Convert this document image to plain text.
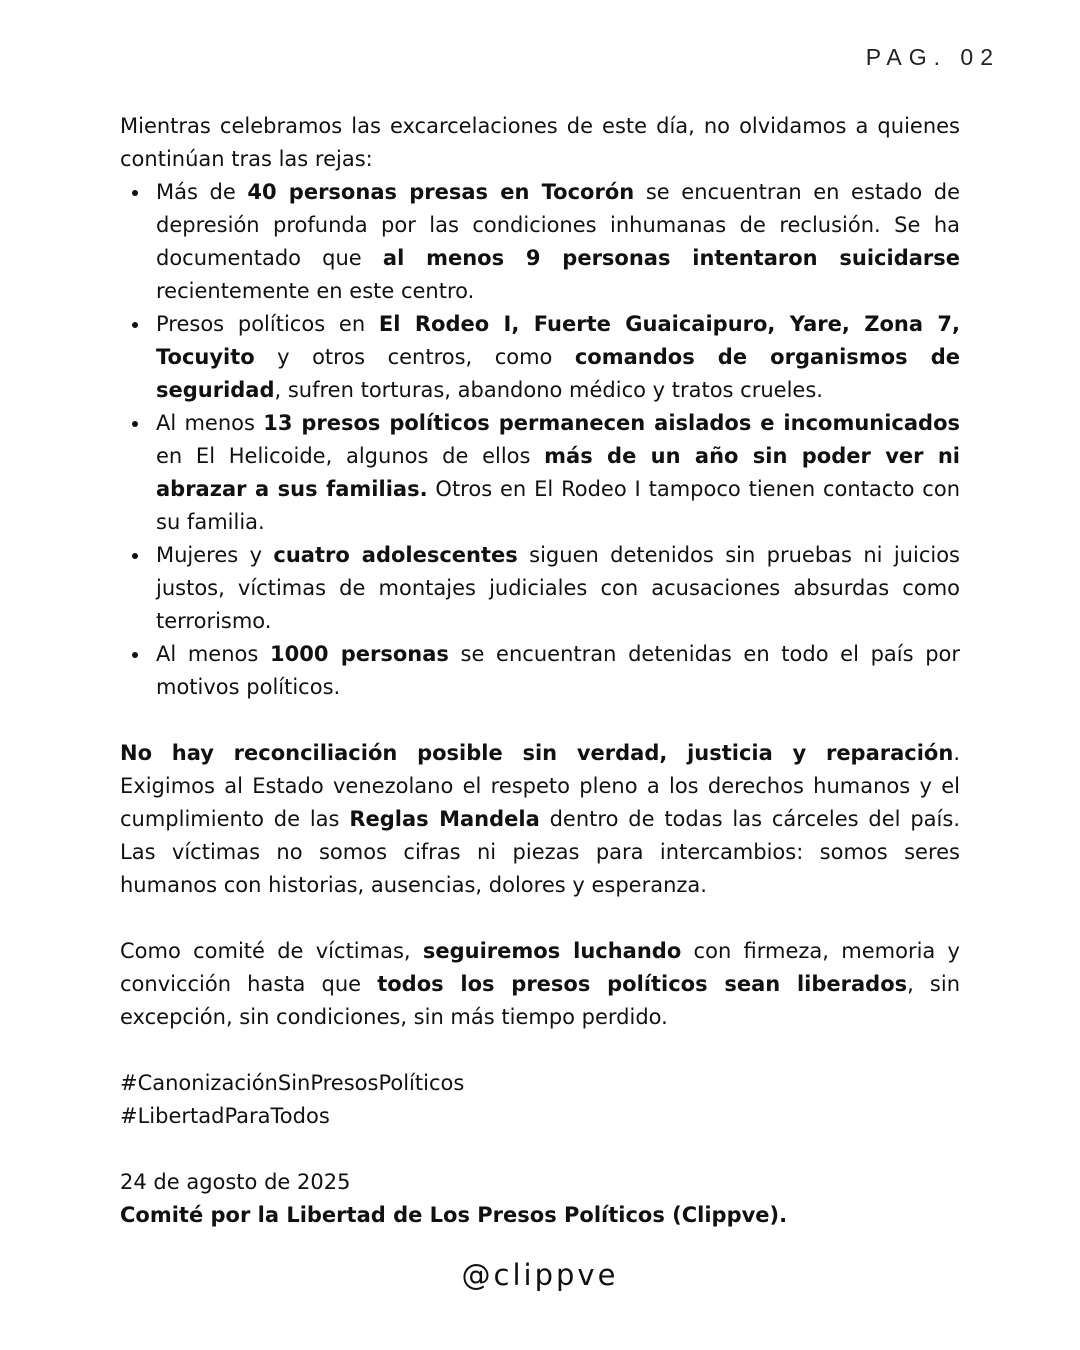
PAG. 02

Mientras celebramos las excarcelaciones de este día, no olvidamos a quienes continúan tras las rejas:

Más de 40 personas presas en Tocorón se encuentran en estado de depresión profunda por las condiciones inhumanas de reclusión. Se ha documentado que al menos 9 personas intentaron suicidarse recientemente en este centro.
Presos políticos en El Rodeo I, Fuerte Guaicaipuro, Yare, Zona 7, Tocuyito y otros centros, como comandos de organismos de seguridad, sufren torturas, abandono médico y tratos crueles.
Al menos 13 presos políticos permanecen aislados e incomunicados en El Helicoide, algunos de ellos más de un año sin poder ver ni abrazar a sus familias. Otros en El Rodeo I tampoco tienen contacto con su familia.
Mujeres y cuatro adolescentes siguen detenidos sin pruebas ni juicios justos, víctimas de montajes judiciales con acusaciones absurdas como terrorismo.
Al menos 1000 personas se encuentran detenidas en todo el país por motivos políticos.

No hay reconciliación posible sin verdad, justicia y reparación. Exigimos al Estado venezolano el respeto pleno a los derechos humanos y el cumplimiento de las Reglas Mandela dentro de todas las cárceles del país. Las víctimas no somos cifras ni piezas para intercambios: somos seres humanos con historias, ausencias, dolores y esperanza.

Como comité de víctimas, seguiremos luchando con firmeza, memoria y convicción hasta que todos los presos políticos sean liberados, sin excepción, sin condiciones, sin más tiempo perdido.

#CanonizaciónSinPresosPolíticos

#LibertadParaTodos

24 de agosto de 2025

Comité por la Libertad de Los Presos Políticos (Clippve).

@clippve
